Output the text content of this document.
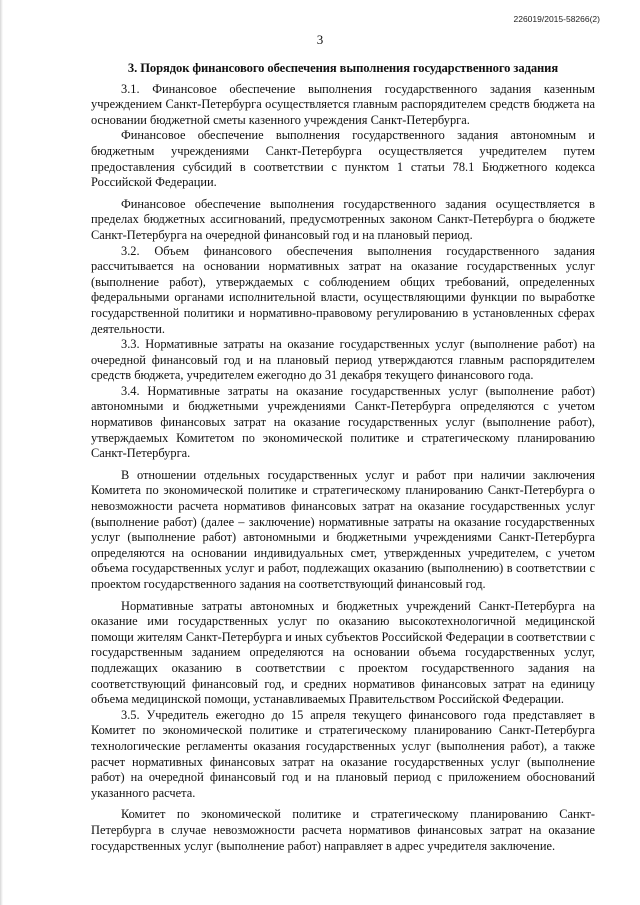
226019/2015-58266(2)
3

3. Порядок финансового обеспечения выполнения государственного задания

3.1. Финансовое обеспечение выполнения государственного задания казенным учреждением Санкт-Петербурга осуществляется главным распорядителем средств бюджета на основании бюджетной сметы казенного учреждения Санкт-Петербурга.

Финансовое обеспечение выполнения государственного задания автономным и бюджетным учреждениями Санкт-Петербурга осуществляется учредителем путем предоставления субсидий в соответствии с пунктом 1 статьи 78.1 Бюджетного кодекса Российской Федерации.

Финансовое обеспечение выполнения государственного задания осуществляется в пределах бюджетных ассигнований, предусмотренных законом Санкт-Петербурга о бюджете Санкт-Петербурга на очередной финансовый год и на плановый период.

3.2. Объем финансового обеспечения выполнения государственного задания рассчитывается на основании нормативных затрат на оказание государственных услуг (выполнение работ), утверждаемых с соблюдением общих требований, определенных федеральными органами исполнительной власти, осуществляющими функции по выработке государственной политики и нормативно-правовому регулированию в установленных сферах деятельности.

3.3. Нормативные затраты на оказание государственных услуг (выполнение работ) на очередной финансовый год и на плановый период утверждаются главным распорядителем средств бюджета, учредителем ежегодно до 31 декабря текущего финансового года.

3.4. Нормативные затраты на оказание государственных услуг (выполнение работ) автономными и бюджетными учреждениями Санкт-Петербурга определяются с учетом нормативов финансовых затрат на оказание государственных услуг (выполнение работ), утверждаемых Комитетом по экономической политике и стратегическому планированию Санкт-Петербурга.

В отношении отдельных государственных услуг и работ при наличии заключения Комитета по экономической политике и стратегическому планированию Санкт-Петербурга о невозможности расчета нормативов финансовых затрат на оказание государственных услуг (выполнение работ) (далее – заключение) нормативные затраты на оказание государственных услуг (выполнение работ) автономными и бюджетными учреждениями Санкт-Петербурга определяются на основании индивидуальных смет, утвержденных учредителем, с учетом объема государственных услуг и работ, подлежащих оказанию (выполнению) в соответствии с проектом государственного задания на соответствующий финансовый год.

Нормативные затраты автономных и бюджетных учреждений Санкт-Петербурга на оказание ими государственных услуг по оказанию высокотехнологичной медицинской помощи жителям Санкт-Петербурга и иных субъектов Российской Федерации в соответствии с государственным заданием определяются на основании объема государственных услуг, подлежащих оказанию в соответствии с проектом государственного задания на соответствующий финансовый год, и средних нормативов финансовых затрат на единицу объема медицинской помощи, устанавливаемых Правительством Российской Федерации.

3.5. Учредитель ежегодно до 15 апреля текущего финансового года представляет в Комитет по экономической политике и стратегическому планированию Санкт-Петербурга технологические регламенты оказания государственных услуг (выполнения работ), а также расчет нормативных финансовых затрат на оказание государственных услуг (выполнение работ) на очередной финансовый год и на плановый период с приложением обоснований указанного расчета.

Комитет по экономической политике и стратегическому планированию Санкт-Петербурга в случае невозможности расчета нормативов финансовых затрат на оказание государственных услуг (выполнение работ) направляет в адрес учредителя заключение.
